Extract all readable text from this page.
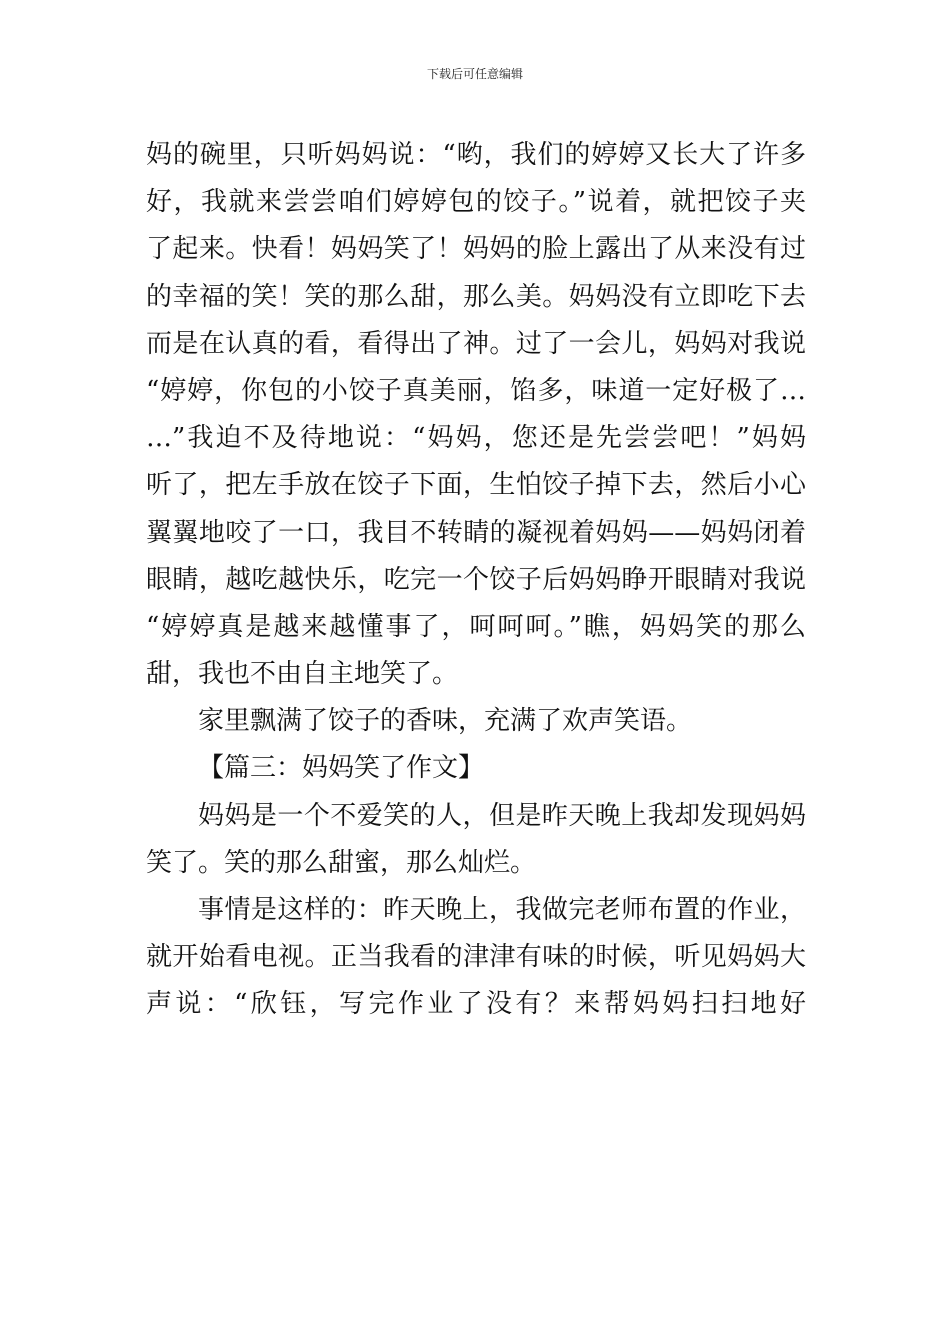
下载后可任意编辑
妈的碗里，只听妈妈说：“哟，我们的婷婷又长大了许多
好，我就来尝尝咱们婷婷包的饺子。”说着，就把饺子夹
了起来。快看！妈妈笑了！妈妈的脸上露出了从来没有过
的幸福的笑！笑的那么甜，那么美。妈妈没有立即吃下去
而是在认真的看，看得出了神。过了一会儿，妈妈对我说
“婷婷，你包的小饺子真美丽，馅多，味道一定好极了…
…”我迫不及待地说：“妈妈，您还是先尝尝吧！”妈妈
听了，把左手放在饺子下面，生怕饺子掉下去，然后小心
翼翼地咬了一口，我目不转睛的凝视着妈妈——妈妈闭着
眼睛，越吃越快乐，吃完一个饺子后妈妈睁开眼睛对我说
“婷婷真是越来越懂事了，呵呵呵。”瞧，妈妈笑的那么
甜，我也不由自主地笑了。
家里飘满了饺子的香味，充满了欢声笑语。
【篇三：妈妈笑了作文】
妈妈是一个不爱笑的人，但是昨天晚上我却发现妈妈
笑了。笑的那么甜蜜，那么灿烂。
事情是这样的：昨天晚上，我做完老师布置的作业，
就开始看电视。正当我看的津津有味的时候，听见妈妈大
声说：“欣钰，写完作业了没有？来帮妈妈扫扫地好
